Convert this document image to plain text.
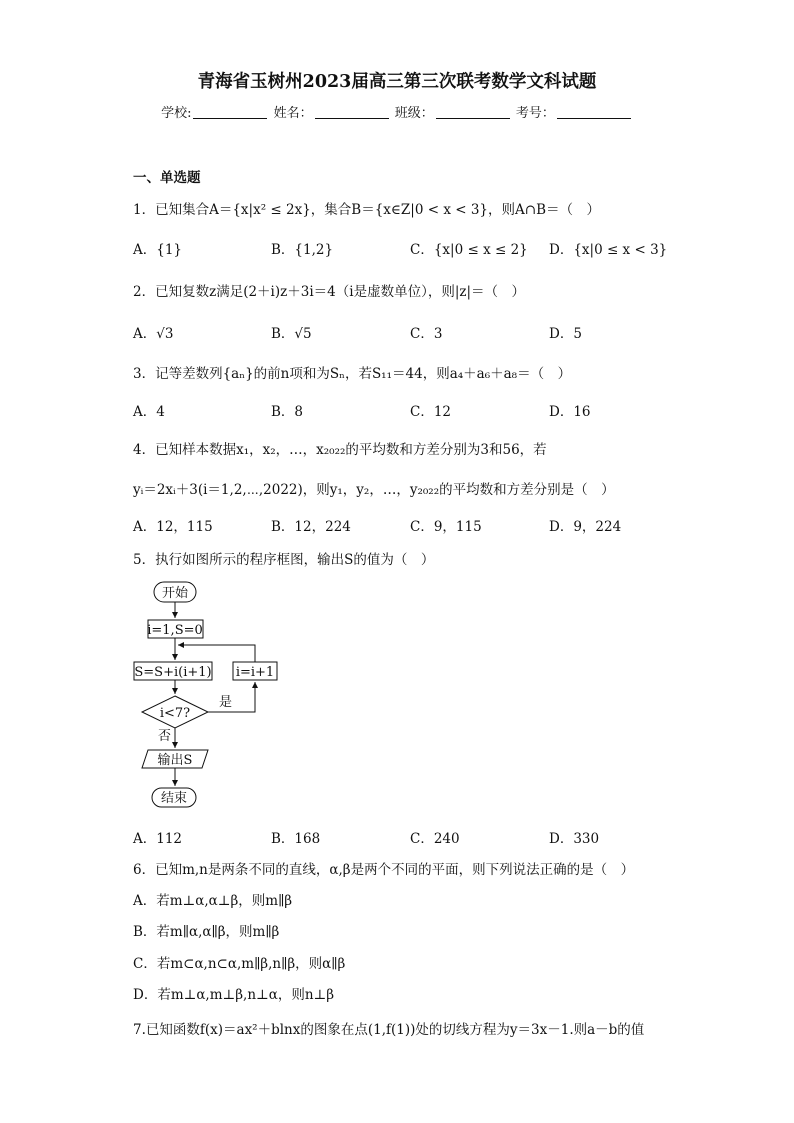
青海省玉树州2023届高三第三次联考数学文科试题
学校:	姓名：	班级：	考号：
一、单选题
1．已知集合A＝{x|x² ≤ 2x}，集合B＝{x∈Z|0 < x < 3}，则A∩B＝（　）
A．{1}	B．{1,2}	C．{x|0 ≤ x ≤ 2} D．{x|0 ≤ x < 3}
2．已知复数z满足(2＋i)z＋3i＝4（i是虚数单位），则|z|＝（　）
A．√3	B．√5	C．3	D．5
3．记等差数列{aₙ}的前n项和为Sₙ，若S₁₁＝44，则a₄＋a₆＋a₈＝（　）
A．4	B．8	C．12	D．16
4．已知样本数据x₁，x₂，…，x₂₀₂₂的平均数和方差分别为3和56，若
yᵢ＝2xᵢ＋3(i＝1,2,⋯,2022)，则y₁，y₂，…，y₂₀₂₂的平均数和方差分别是（　）
A．12，115	B．12，224	C．9，115	D．9，224
5．执行如图所示的程序框图，输出S的值为（　）
开始
i=1,S=0
S=S+i(i+1) i=i+1
i<7?
是
否
输出S
结束
A．112	B．168	C．240	D．330
6．已知m,n是两条不同的直线，α,β是两个不同的平面，则下列说法正确的是（　）
A．若m⊥α,α⊥β，则m∥β
B．若m∥α,α∥β，则m∥β
C．若m⊂α,n⊂α,m∥β,n∥β，则α∥β
D．若m⊥α,m⊥β,n⊥α，则n⊥β
7.已知函数f(x)＝ax²＋blnx的图象在点(1,f(1))处的切线方程为y＝3x－1.则a－b的值
